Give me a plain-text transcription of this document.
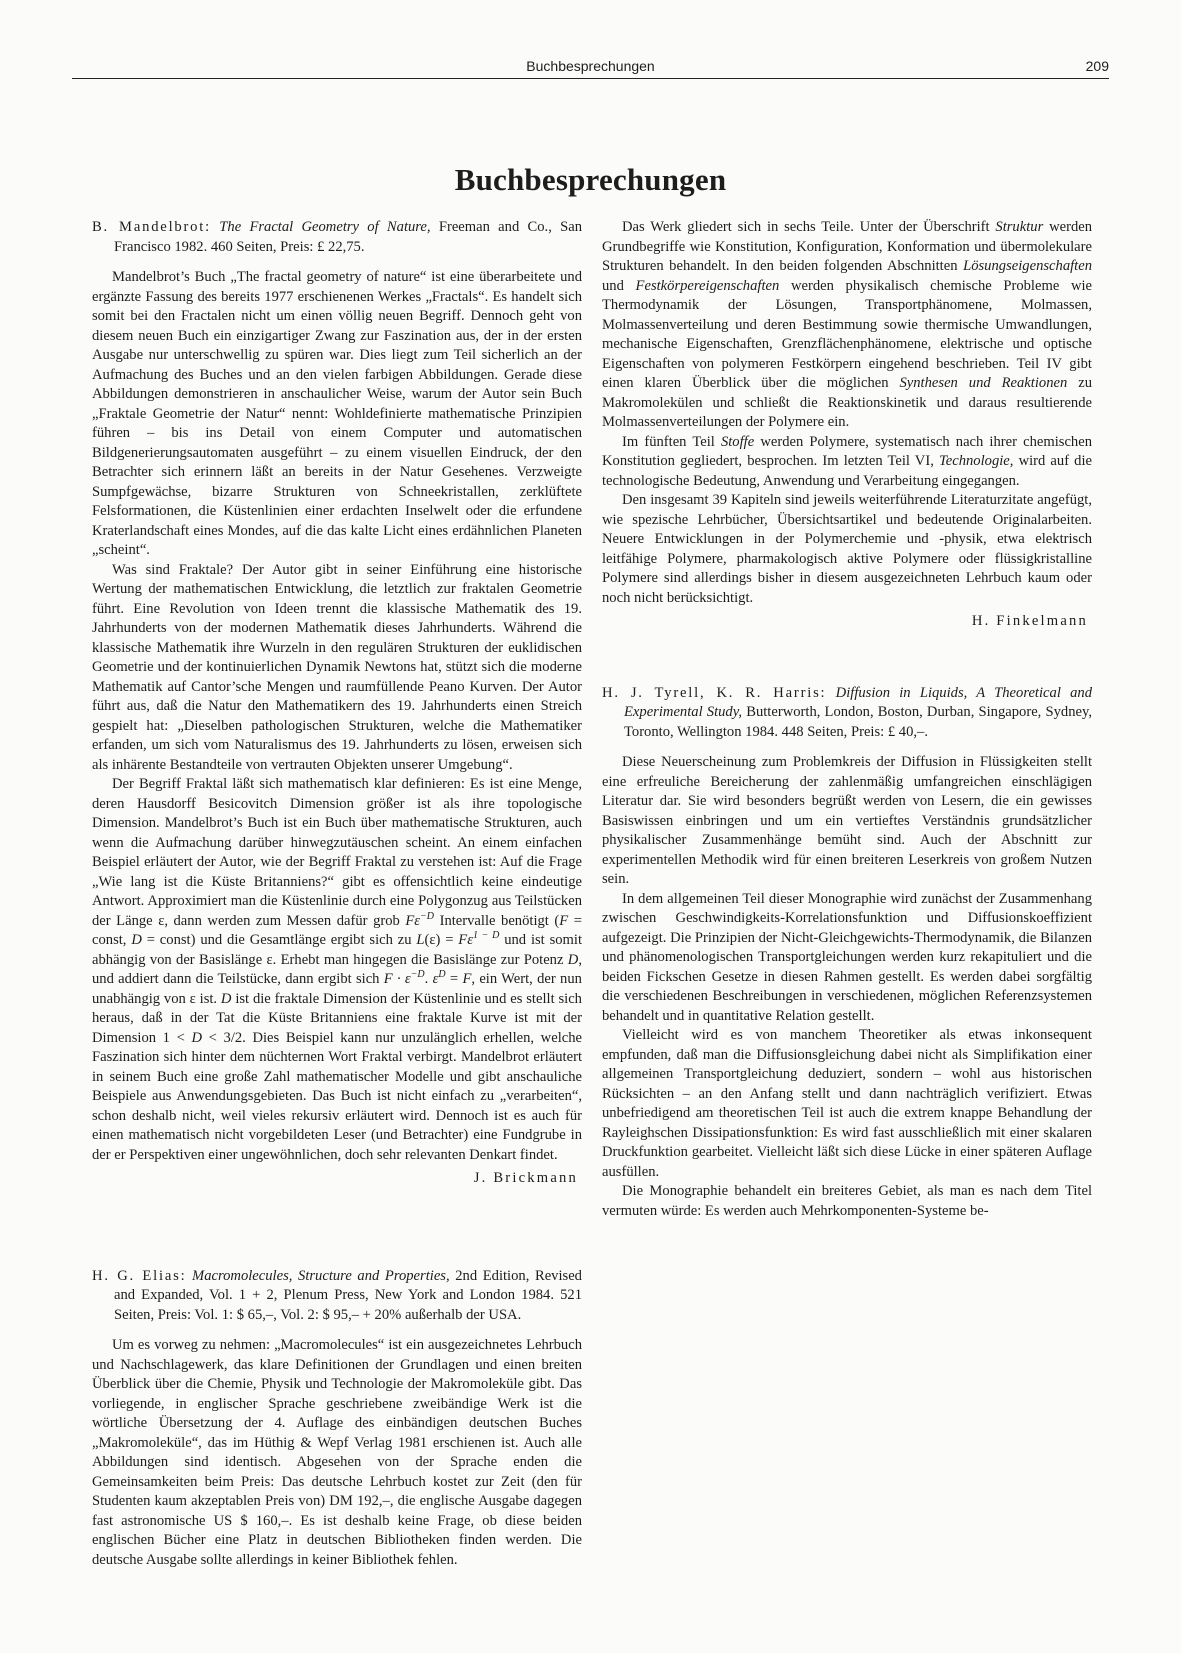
Buchbesprechungen	209
Buchbesprechungen

B. Mandelbrot: The Fractal Geometry of Nature, Freeman and Co., San Francisco 1982. 460 Seiten, Preis: £ 22,75.

Mandelbrot’s Buch „The fractal geometry of nature“ ist eine überarbeitete und ergänzte Fassung des bereits 1977 erschienenen Werkes „Fractals“. Es handelt sich somit bei den Fractalen nicht um einen völlig neuen Begriff. Dennoch geht von diesem neuen Buch ein einzigartiger Zwang zur Faszination aus, der in der ersten Ausgabe nur unterschwellig zu spüren war. Dies liegt zum Teil sicherlich an der Aufmachung des Buches und an den vielen farbigen Abbildungen. Gerade diese Abbildungen demonstrieren in anschaulicher Weise, warum der Autor sein Buch „Fraktale Geometrie der Natur“ nennt: Wohldefinierte mathematische Prinzipien führen – bis ins Detail von einem Computer und automatischen Bildgenerierungsautomaten ausgeführt – zu einem visuellen Eindruck, der den Betrachter sich erinnern läßt an bereits in der Natur Gesehenes. Verzweigte Sumpfgewächse, bizarre Strukturen von Schneekristallen, zerklüftete Felsformationen, die Küstenlinien einer erdachten Inselwelt oder die erfundene Kraterlandschaft eines Mondes, auf die das kalte Licht eines erdähnlichen Planeten „scheint“.

Was sind Fraktale? Der Autor gibt in seiner Einführung eine historische Wertung der mathematischen Entwicklung, die letztlich zur fraktalen Geometrie führt. Eine Revolution von Ideen trennt die klassische Mathematik des 19. Jahrhunderts von der modernen Mathematik dieses Jahrhunderts. Während die klassische Mathematik ihre Wurzeln in den regulären Strukturen der euklidischen Geometrie und der kontinuierlichen Dynamik Newtons hat, stützt sich die moderne Mathematik auf Cantor’sche Mengen und raumfüllende Peano Kurven. Der Autor führt aus, daß die Natur den Mathematikern des 19. Jahrhunderts einen Streich gespielt hat: „Dieselben pathologischen Strukturen, welche die Mathematiker erfanden, um sich vom Naturalismus des 19. Jahrhunderts zu lösen, erweisen sich als inhärente Bestandteile von vertrauten Objekten unserer Umgebung“.

Der Begriff Fraktal läßt sich mathematisch klar definieren: Es ist eine Menge, deren Hausdorff Besicovitch Dimension größer ist als ihre topologische Dimension. Mandelbrot’s Buch ist ein Buch über mathematische Strukturen, auch wenn die Aufmachung darüber hinwegzutäuschen scheint. An einem einfachen Beispiel erläutert der Autor, wie der Begriff Fraktal zu verstehen ist: Auf die Frage „Wie lang ist die Küste Britanniens?“ gibt es offensichtlich keine eindeutige Antwort. Approximiert man die Küstenlinie durch eine Polygonzug aus Teilstücken der Länge ε, dann werden zum Messen dafür grob $F\varepsilon^{-D}$ Intervalle benötigt (F = const, D = const) und die Gesamtlänge ergibt sich zu $L(\varepsilon) = F\varepsilon^{1 - D}$ und ist somit abhängig von der Basislänge ε. Erhebt man hingegen die Basislänge zur Potenz D, und addiert dann die Teilstücke, dann ergibt sich $F \cdot \varepsilon^{-D}$. $\varepsilon^D = F$, ein Wert, der nun unabhängig von ε ist. D ist die fraktale Dimension der Küstenlinie und es stellt sich heraus, daß in der Tat die Küste Britanniens eine fraktale Kurve ist mit der Dimension 1 < D < 3/2. Dies Beispiel kann nur unzulänglich erhellen, welche Faszination sich hinter dem nüchternen Wort Fraktal verbirgt. Mandelbrot erläutert in seinem Buch eine große Zahl mathematischer Modelle und gibt anschauliche Beispiele aus Anwendungsgebieten. Das Buch ist nicht einfach zu „verarbeiten“, schon deshalb nicht, weil vieles rekursiv erläutert wird. Dennoch ist es auch für einen mathematisch nicht vorgebildeten Leser (und Betrachter) eine Fundgrube in der er Perspektiven einer ungewöhnlichen, doch sehr relevanten Denkart findet.

J. Brickmann

H. G. Elias: Macromolecules, Structure and Properties, 2nd Edition, Revised and Expanded, Vol. 1 + 2, Plenum Press, New York and London 1984. 521 Seiten, Preis: Vol. 1: $ 65,–, Vol. 2: $ 95,– + 20% außerhalb der USA.

Um es vorweg zu nehmen: „Macromolecules“ ist ein ausgezeichnetes Lehrbuch und Nachschlagewerk, das klare Definitionen der Grundlagen und einen breiten Überblick über die Chemie, Physik und Technologie der Makromoleküle gibt. Das vorliegende, in englischer Sprache geschriebene zweibändige Werk ist die wörtliche Übersetzung der 4. Auflage des einbändigen deutschen Buches „Makromoleküle“, das im Hüthig & Wepf Verlag 1981 erschienen ist. Auch alle Abbildungen sind identisch. Abgesehen von der Sprache enden die Gemeinsamkeiten beim Preis: Das deutsche Lehrbuch kostet zur Zeit (den für Studenten kaum akzeptablen Preis von) DM 192,–, die englische Ausgabe dagegen fast astronomische US $ 160,–. Es ist deshalb keine Frage, ob diese beiden englischen Bücher eine Platz in deutschen Bibliotheken finden werden. Die deutsche Ausgabe sollte allerdings in keiner Bibliothek fehlen.

Das Werk gliedert sich in sechs Teile. Unter der Überschrift Struktur werden Grundbegriffe wie Konstitution, Konfiguration, Konformation und übermolekulare Strukturen behandelt. In den beiden folgenden Abschnitten Lösungseigenschaften und Festkörpereigenschaften werden physikalisch chemische Probleme wie Thermodynamik der Lösungen, Transportphänomene, Molmassen, Molmassenverteilung und deren Bestimmung sowie thermische Umwandlungen, mechanische Eigenschaften, Grenzflächenphänomene, elektrische und optische Eigenschaften von polymeren Festkörpern eingehend beschrieben. Teil IV gibt einen klaren Überblick über die möglichen Synthesen und Reaktionen zu Makromolekülen und schließt die Reaktionskinetik und daraus resultierende Molmassenverteilungen der Polymere ein.

Im fünften Teil Stoffe werden Polymere, systematisch nach ihrer chemischen Konstitution gegliedert, besprochen. Im letzten Teil VI, Technologie, wird auf die technologische Bedeutung, Anwendung und Verarbeitung eingegangen.

Den insgesamt 39 Kapiteln sind jeweils weiterführende Literaturzitate angefügt, wie spezische Lehrbücher, Übersichtsartikel und bedeutende Originalarbeiten. Neuere Entwicklungen in der Polymerchemie und -physik, etwa elektrisch leitfähige Polymere, pharmakologisch aktive Polymere oder flüssigkristalline Polymere sind allerdings bisher in diesem ausgezeichneten Lehrbuch kaum oder noch nicht berücksichtigt.

H. Finkelmann

H. J. Tyrell, K. R. Harris: Diffusion in Liquids, A Theoretical and Experimental Study, Butterworth, London, Boston, Durban, Singapore, Sydney, Toronto, Wellington 1984. 448 Seiten, Preis: £ 40,–.

Diese Neuerscheinung zum Problemkreis der Diffusion in Flüssigkeiten stellt eine erfreuliche Bereicherung der zahlenmäßig umfangreichen einschlägigen Literatur dar. Sie wird besonders begrüßt werden von Lesern, die ein gewisses Basiswissen einbringen und um ein vertieftes Verständnis grundsätzlicher physikalischer Zusammenhänge bemüht sind. Auch der Abschnitt zur experimentellen Methodik wird für einen breiteren Leserkreis von großem Nutzen sein.

In dem allgemeinen Teil dieser Monographie wird zunächst der Zusammenhang zwischen Geschwindigkeits-Korrelationsfunktion und Diffusionskoeffizient aufgezeigt. Die Prinzipien der Nicht-Gleichgewichts-Thermodynamik, die Bilanzen und phänomenologischen Transportgleichungen werden kurz rekapituliert und die beiden Fickschen Gesetze in diesen Rahmen gestellt. Es werden dabei sorgfältig die verschiedenen Beschreibungen in verschiedenen, möglichen Referenzsystemen behandelt und in quantitative Relation gestellt.

Vielleicht wird es von manchem Theoretiker als etwas inkonsequent empfunden, daß man die Diffusionsgleichung dabei nicht als Simplifikation einer allgemeinen Transportgleichung deduziert, sondern – wohl aus historischen Rücksichten – an den Anfang stellt und dann nachträglich verifiziert. Etwas unbefriedigend am theoretischen Teil ist auch die extrem knappe Behandlung der Rayleighschen Dissipationsfunktion: Es wird fast ausschließlich mit einer skalaren Druckfunktion gearbeitet. Vielleicht läßt sich diese Lücke in einer späteren Auflage ausfüllen.

Die Monographie behandelt ein breiteres Gebiet, als man es nach dem Titel vermuten würde: Es werden auch Mehrkomponenten-Systeme be-
